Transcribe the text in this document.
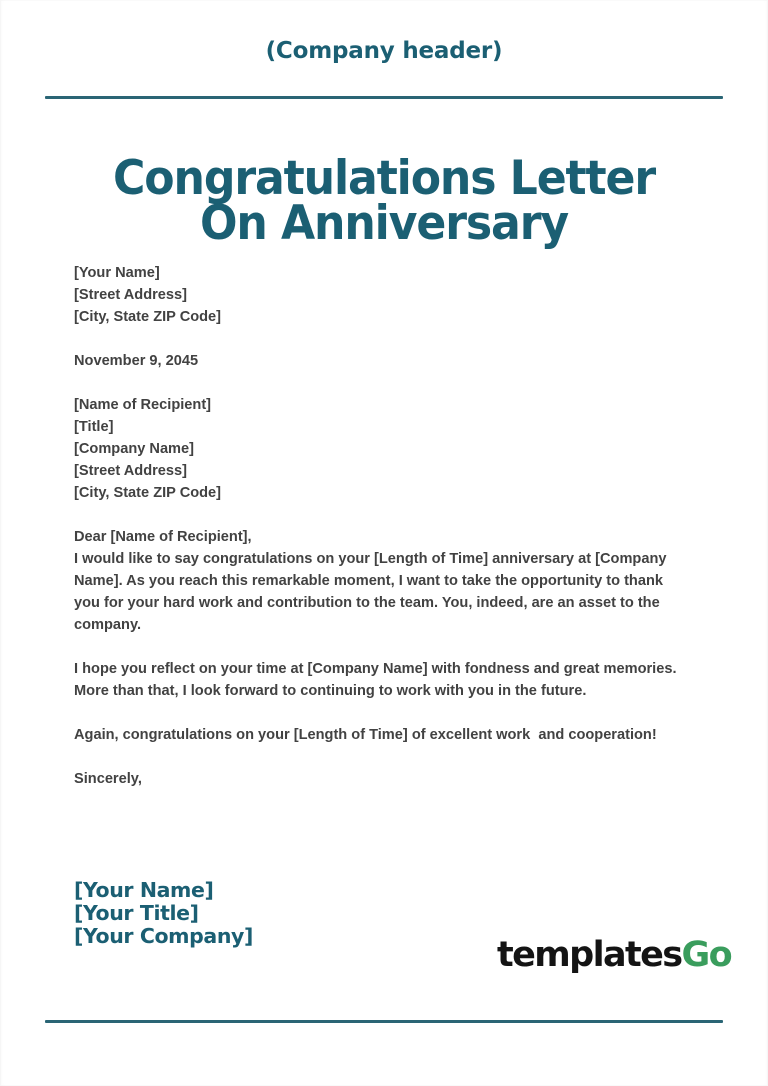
(Company header)
Congratulations Letter On Anniversary
[Your Name]
[Street Address]
[City, State ZIP Code]
November 9, 2045
[Name of Recipient]
[Title]
[Company Name]
[Street Address]
[City, State ZIP Code]
Dear [Name of Recipient],
I would like to say congratulations on your [Length of Time] anniversary at [Company Name]. As you reach this remarkable moment, I want to take the opportunity to thank you for your hard work and contribution to the team. You, indeed, are an asset to the company.

I hope you reflect on your time at [Company Name] with fondness and great memories. More than that, I look forward to continuing to work with you in the future.

Again, congratulations on your [Length of Time] of excellent work  and cooperation!

Sincerely,

[Your Name]
[Your Title]
[Your Company]	templatesGo
